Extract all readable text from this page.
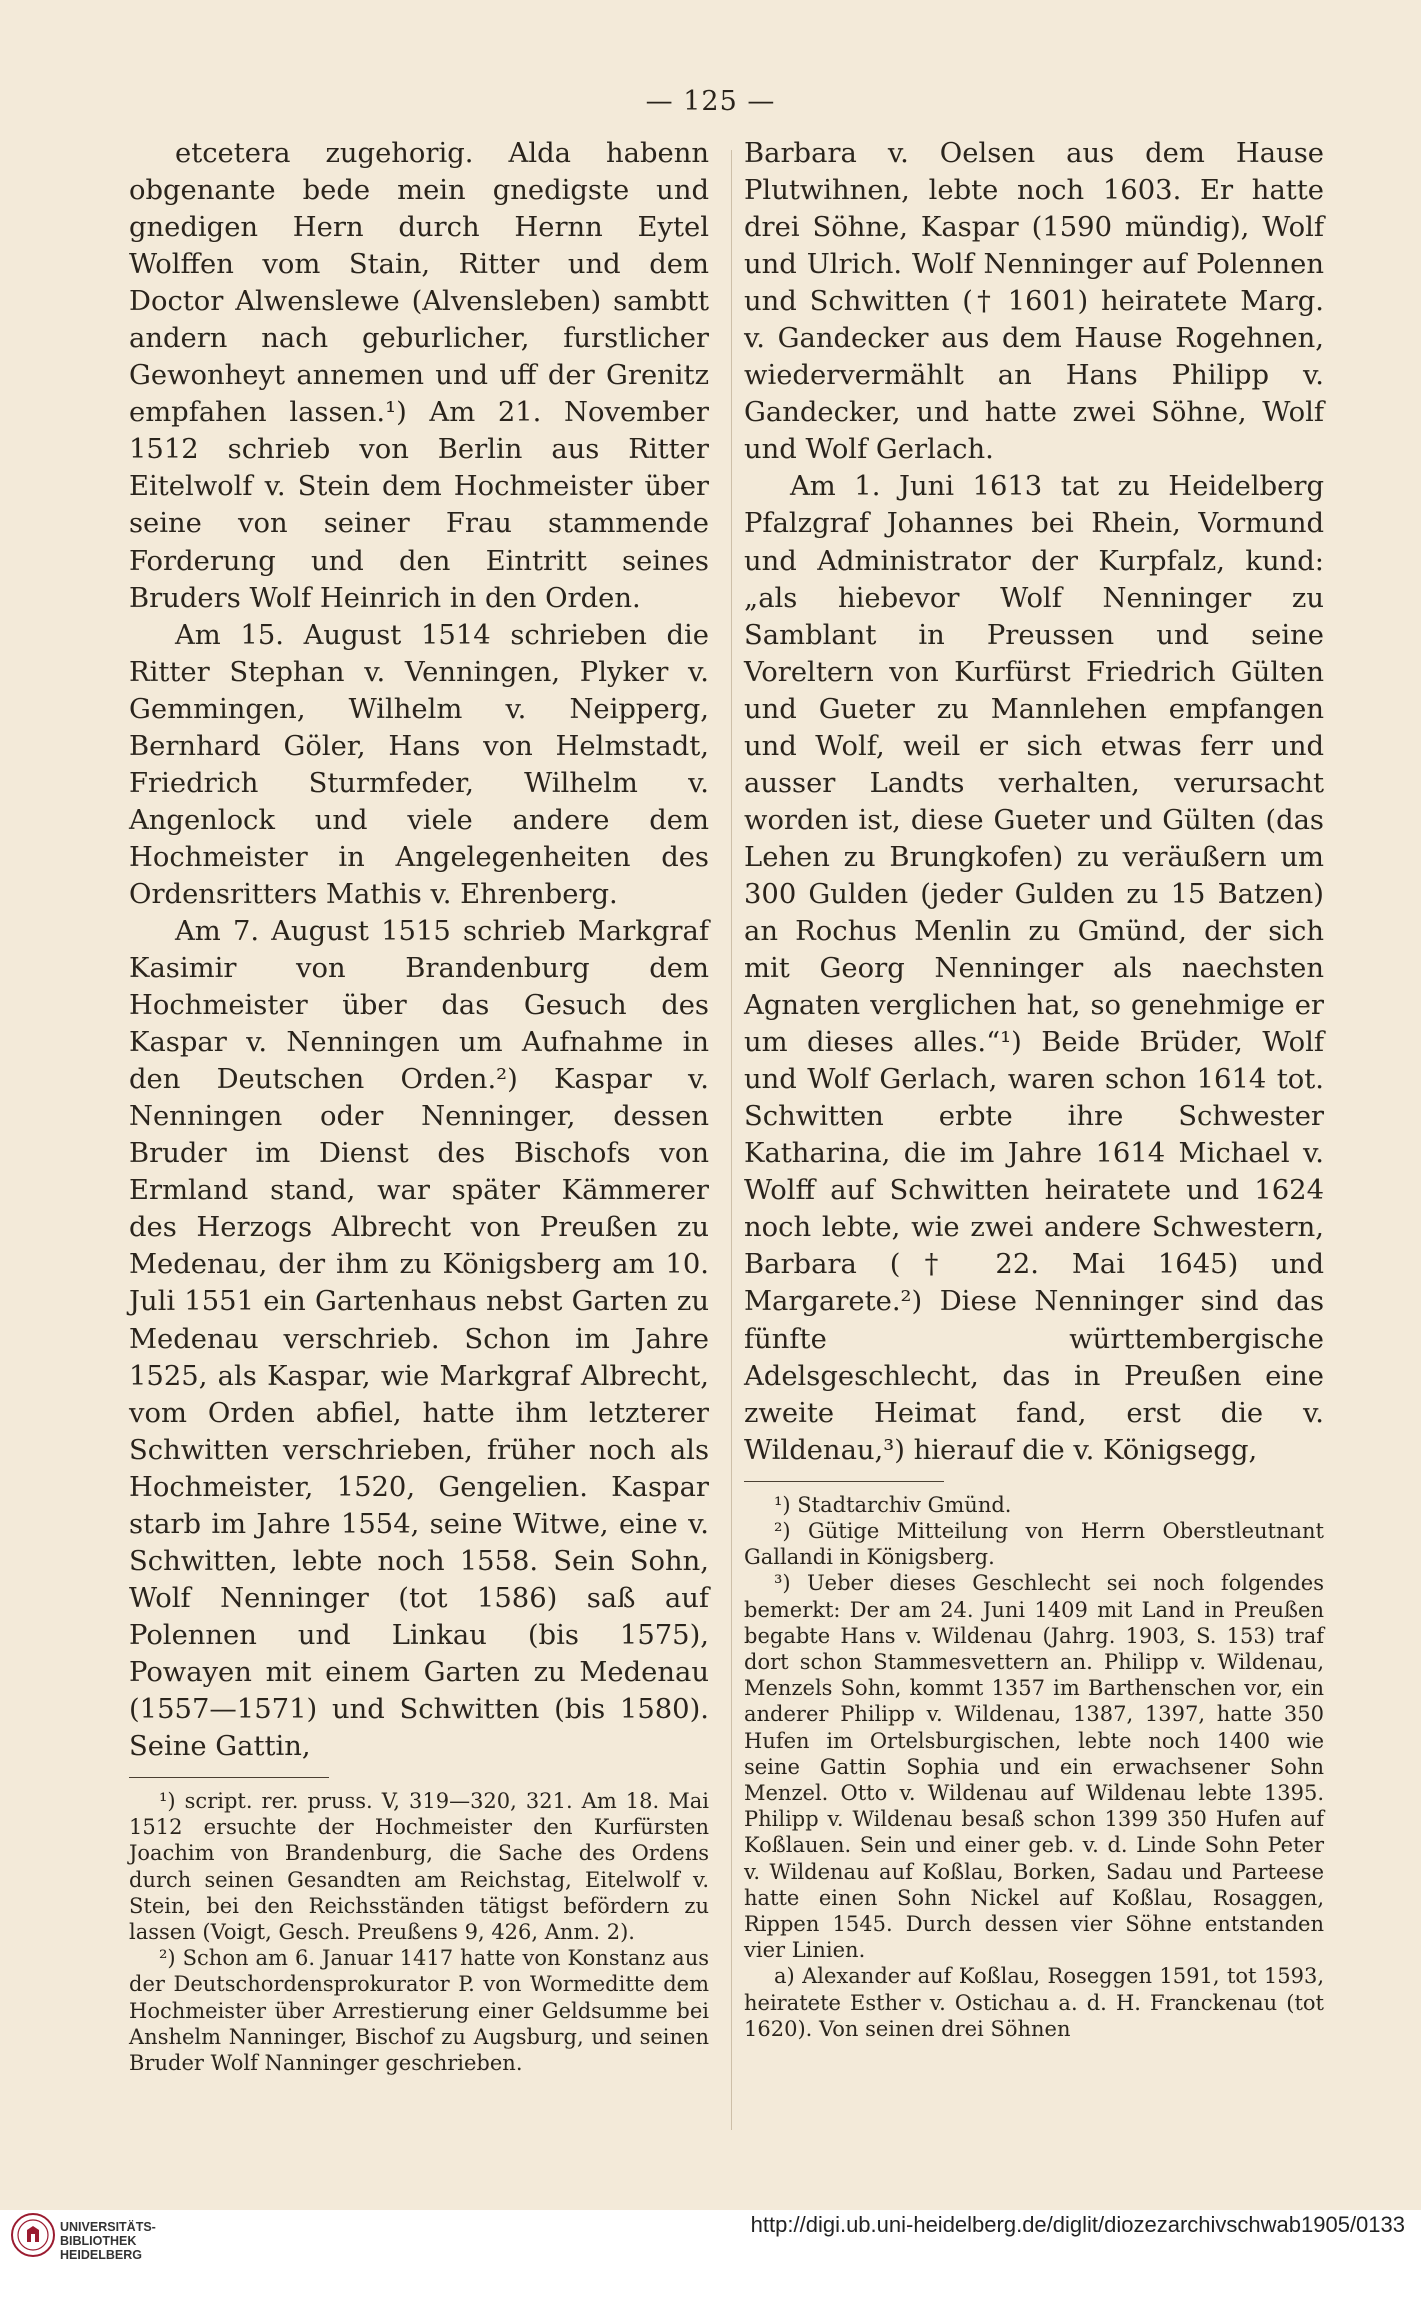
— 125 —

etcetera zugehorig. Alda habenn obgenante bede mein gnedigste und gnedigen Hern durch Hernn Eytel Wolffen vom Stain, Ritter und dem Doctor Alwenslewe (Alvensleben) sambtt andern nach geburlicher, furstlicher Gewonheyt annemen und uff der Grenitz empfahen lassen.¹) Am 21. November 1512 schrieb von Berlin aus Ritter Eitelwolf v. Stein dem Hochmeister über seine von seiner Frau stammende Forderung und den Eintritt seines Bruders Wolf Heinrich in den Orden.

Am 15. August 1514 schrieben die Ritter Stephan v. Venningen, Plyker v. Gemmingen, Wilhelm v. Neipperg, Bernhard Göler, Hans von Helmstadt, Friedrich Sturmfeder, Wilhelm v. Angenlock und viele andere dem Hochmeister in Angelegenheiten des Ordensritters Mathis v. Ehrenberg.

Am 7. August 1515 schrieb Markgraf Kasimir von Brandenburg dem Hochmeister über das Gesuch des Kaspar v. Nenningen um Aufnahme in den Deutschen Orden.²) Kaspar v. Nenningen oder Nenninger, dessen Bruder im Dienst des Bischofs von Ermland stand, war später Kämmerer des Herzogs Albrecht von Preußen zu Medenau, der ihm zu Königsberg am 10. Juli 1551 ein Gartenhaus nebst Garten zu Medenau verschrieb. Schon im Jahre 1525, als Kaspar, wie Markgraf Albrecht, vom Orden abfiel, hatte ihm letzterer Schwitten verschrieben, früher noch als Hochmeister, 1520, Gengelien. Kaspar starb im Jahre 1554, seine Witwe, eine v. Schwitten, lebte noch 1558. Sein Sohn, Wolf Nenninger (tot 1586) saß auf Polennen und Linkau (bis 1575), Powayen mit einem Garten zu Medenau (1557—1571) und Schwitten (bis 1580). Seine Gattin,

¹) script. rer. pruss. V, 319—320, 321. Am 18. Mai 1512 ersuchte der Hochmeister den Kurfürsten Joachim von Brandenburg, die Sache des Ordens durch seinen Gesandten am Reichstag, Eitelwolf v. Stein, bei den Reichsständen tätigst befördern zu lassen (Voigt, Gesch. Preußens 9, 426, Anm. 2).

²) Schon am 6. Januar 1417 hatte von Konstanz aus der Deutschordensprokurator P. von Wormeditte dem Hochmeister über Arrestierung einer Geldsumme bei Anshelm Nanninger, Bischof zu Augsburg, und seinen Bruder Wolf Nanninger geschrieben.

Barbara v. Oelsen aus dem Hause Plutwihnen, lebte noch 1603. Er hatte drei Söhne, Kaspar (1590 mündig), Wolf und Ulrich. Wolf Nenninger auf Polennen und Schwitten († 1601) heiratete Marg. v. Gandecker aus dem Hause Rogehnen, wiedervermählt an Hans Philipp v. Gandecker, und hatte zwei Söhne, Wolf und Wolf Gerlach.

Am 1. Juni 1613 tat zu Heidelberg Pfalzgraf Johannes bei Rhein, Vormund und Administrator der Kurpfalz, kund: „als hiebevor Wolf Nenninger zu Samblant in Preussen und seine Voreltern von Kurfürst Friedrich Gülten und Gueter zu Mannlehen empfangen und Wolf, weil er sich etwas ferr und ausser Landts verhalten, verursacht worden ist, diese Gueter und Gülten (das Lehen zu Brungkofen) zu veräußern um 300 Gulden (jeder Gulden zu 15 Batzen) an Rochus Menlin zu Gmünd, der sich mit Georg Nenninger als naechsten Agnaten verglichen hat, so genehmige er um dieses alles.“¹) Beide Brüder, Wolf und Wolf Gerlach, waren schon 1614 tot. Schwitten erbte ihre Schwester Katharina, die im Jahre 1614 Michael v. Wolff auf Schwitten heiratete und 1624 noch lebte, wie zwei andere Schwestern, Barbara († 22. Mai 1645) und Margarete.²) Diese Nenninger sind das fünfte württembergische Adelsgeschlecht, das in Preußen eine zweite Heimat fand, erst die v. Wildenau,³) hierauf die v. Königsegg,

¹) Stadtarchiv Gmünd.

²) Gütige Mitteilung von Herrn Oberstleutnant Gallandi in Königsberg.

³) Ueber dieses Geschlecht sei noch folgendes bemerkt: Der am 24. Juni 1409 mit Land in Preußen begabte Hans v. Wildenau (Jahrg. 1903, S. 153) traf dort schon Stammesvettern an. Philipp v. Wildenau, Menzels Sohn, kommt 1357 im Barthenschen vor, ein anderer Philipp v. Wildenau, 1387, 1397, hatte 350 Hufen im Ortelsburgischen, lebte noch 1400 wie seine Gattin Sophia und ein erwachsener Sohn Menzel. Otto v. Wildenau auf Wildenau lebte 1395. Philipp v. Wildenau besaß schon 1399 350 Hufen auf Koßlauen. Sein und einer geb. v. d. Linde Sohn Peter v. Wildenau auf Koßlau, Borken, Sadau und Parteese hatte einen Sohn Nickel auf Koßlau, Rosaggen, Rippen 1545. Durch dessen vier Söhne entstanden vier Linien.

a) Alexander auf Koßlau, Roseggen 1591, tot 1593, heiratete Esther v. Ostichau a. d. H. Franckenau (tot 1620). Von seinen drei Söhnen

UNIVERSITÄTS-
BIBLIOTHEK
HEIDELBERG
http://digi.ub.uni-heidelberg.de/diglit/diozezarchivschwab1905/0133
